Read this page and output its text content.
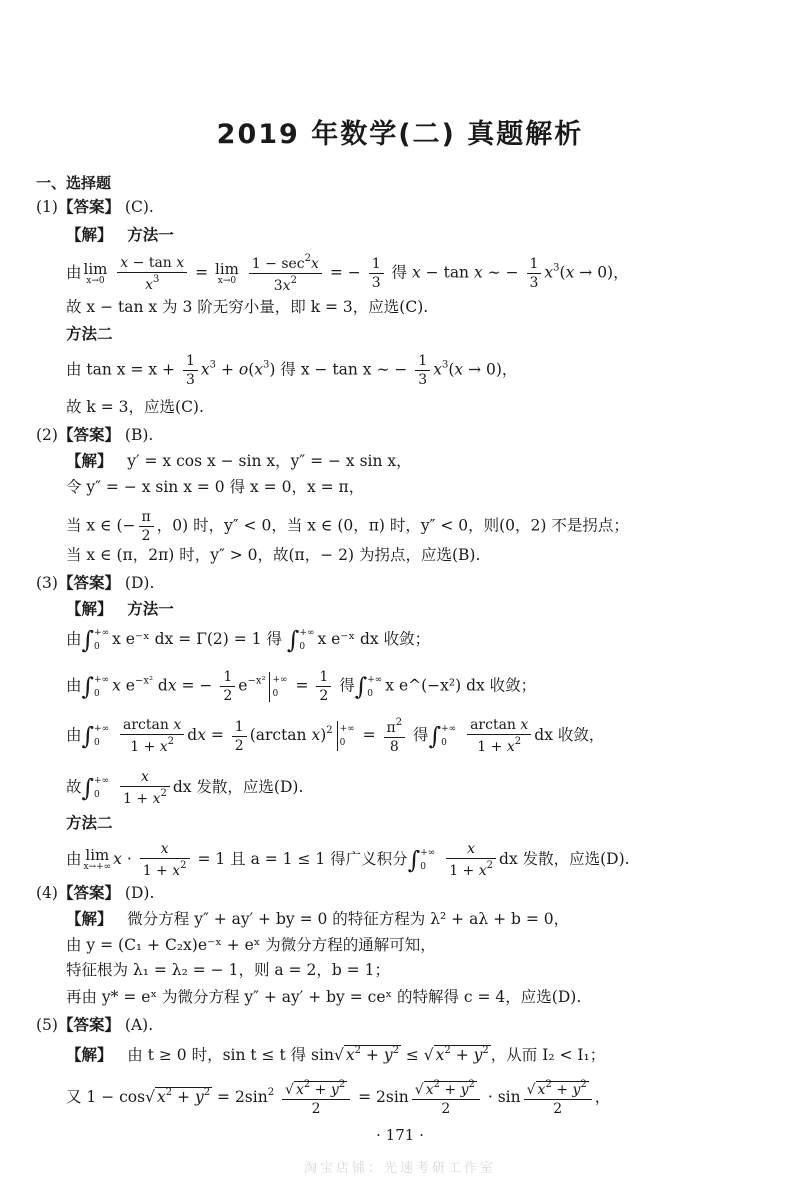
2019 年数学(二) 真题解析
一、选择题
(1)【答案】 (C).
【解】 方法一
由 lim
x→0
$\frac{\text{x − tan x}}{x^3} = \lim$
x→0
$\frac{1 - \sec^2x}{3x^2}$ = − $\frac{1}{3}$ 得 x − tan x ∼ − $\frac{1}{3} x^3(x \to 0)$，
故 x − tan x 为 3 阶无穷小量，即 k = 3，应选(C).
方法二
由 $\tan x = x + \frac{1}{3} x^3 + o(x^3)$ 得 x − tan x ∼ − $\frac{1}{3} x^3(x \to 0)$，
故 k = 3，应选(C).
(2)【答案】 (B).
【解】 y′ = x cos x − sin x，y″ = − x sin x，
令 y″ = − x sin x = 0 得 x = 0，x = π，
当 x ∈ (− $\frac{\pi}{2}$ ，0) 时，y″ < 0，当 x ∈ (0，π) 时，y″ < 0，则(0，2) 不是拐点；
当 x ∈ (π，2π) 时，y″ > 0，故(π，− 2) 为拐点，应选(B).
(3)【答案】 (D).
【解】 方法一
由∫+∞
0 x e⁻ˣ dx = Γ(2) = 1 得 ∫+∞
0 x e⁻ˣ dx 收敛；
由∫+∞
0 x $e^{-x^2}$ dx = − $\frac{1}{2} e^{-x^2}$ +∞
$0 = \frac{1}{2}$ 得∫+∞
0 x e^(−x²) dx 收敛；
由∫+∞
$0 \frac{\text{arctan x}}{1 + x^2}$ dx = $\frac{1}{2} (\arctan$ x)$^2$ +∞
$0 = \frac{\pi^2}{8}$ 得∫+∞
$0 \frac{\text{arctan x}}{1 + x^2}$ dx 收敛，
故∫+∞
$0 \frac{x}{1 + x^2}$ dx 发散，应选(D).
方法二
由 lim
x→+∞ $x \cdot \frac{x}{1 + x^2} = 1$ 且 a = 1 ≤ 1 得广义积分∫+∞
$0 \frac{x}{1 + x^2}$ dx 发散，应选(D).
(4)【答案】 (D).
【解】 微分方程 y″ + ay′ + by = 0 的特征方程为 λ² + aλ + b = 0，
由 y = (C₁ + C₂x)e⁻ˣ + eˣ 为微分方程的通解可知，
特征根为 λ₁ = λ₂ = − 1，则 a = 2，b = 1；
再由 y* = eˣ 为微分方程 y″ + ay′ + by = ceˣ 的特解得 c = 4，应选(D).
(5)【答案】 (A).
【解】 由 t ≥ 0 时，sin t ≤ t 得 sin√ $x^2 + y^2$ ≤ √ $x^2 + y^2$ ，从而 I₂ < I₁；
又 1 − cos√ $x^2 + y^2 = 2\sin^2 \frac{√ x^2 + y^2}{2} = 2\sin \frac{√ x^2 + y^2}{2} \cdot \sin \frac{√ x^2 + y^2}{2}$ ，
· 171 ·
淘宝店铺：光速考研工作室
